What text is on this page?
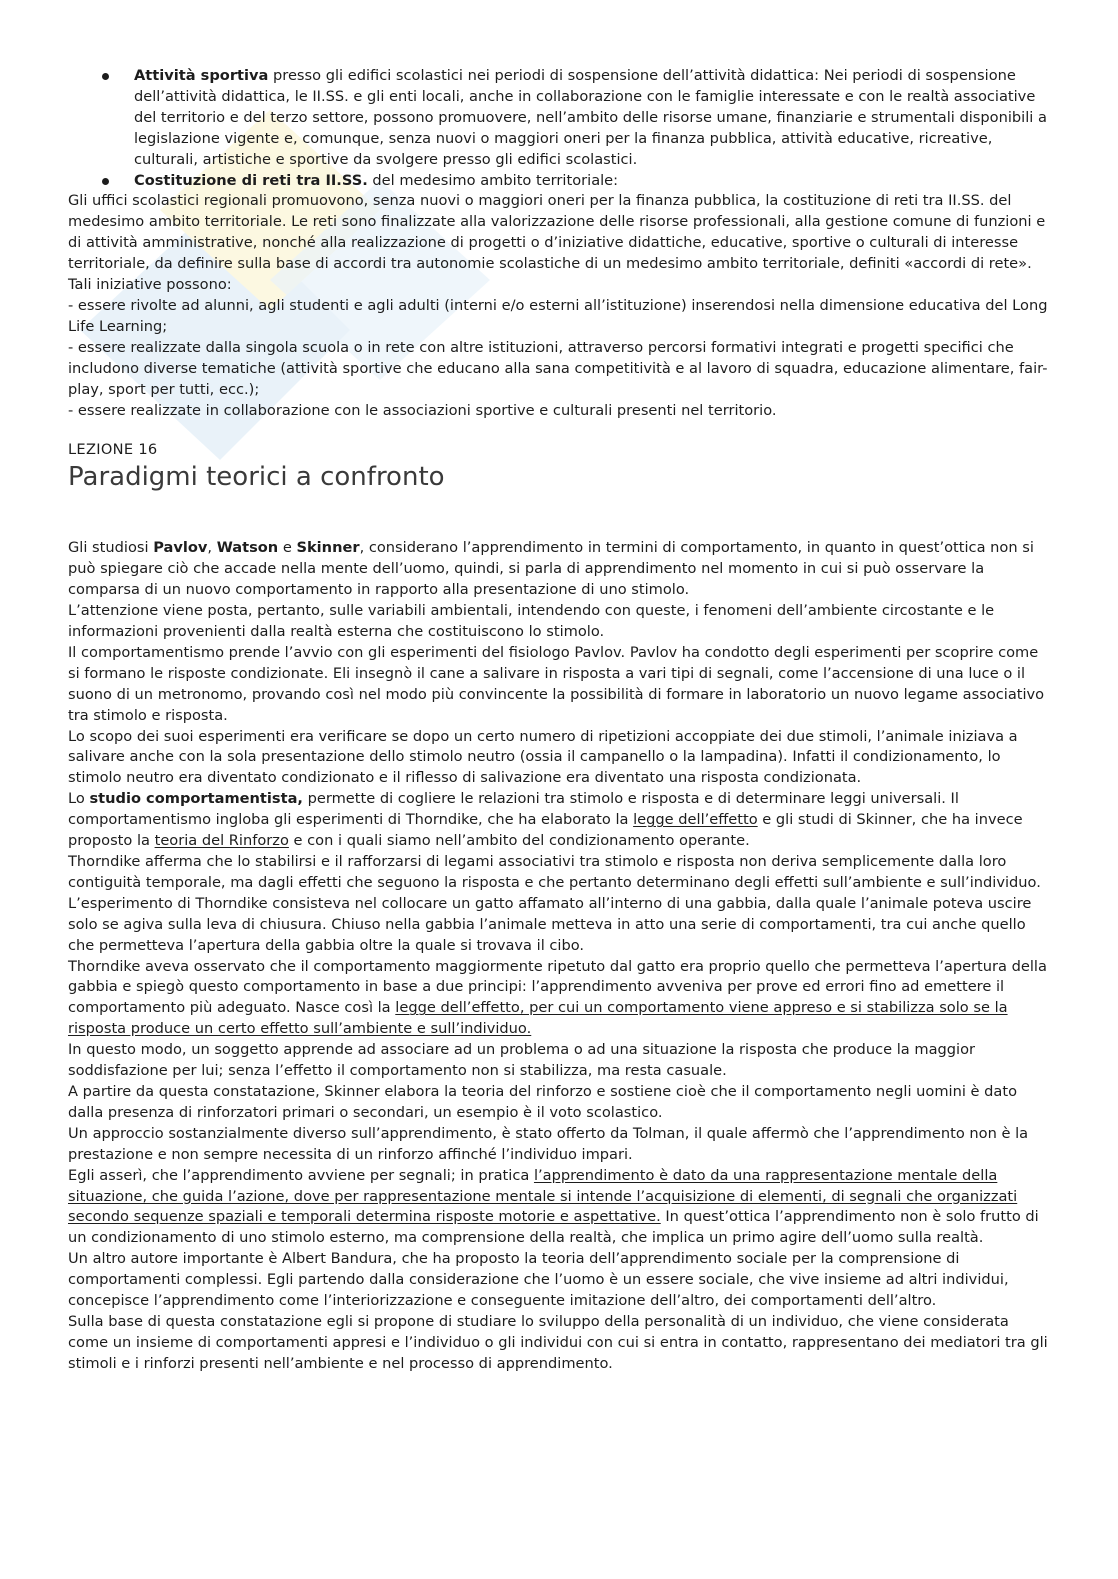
Attività sportiva presso gli edifici scolastici nei periodi di sospensione dell’attività didattica: Nei periodi di sospensione dell’attività didattica, le II.SS. e gli enti locali, anche in collaborazione con le famiglie interessate e con le realtà associative del territorio e del terzo settore, possono promuovere, nell’ambito delle risorse umane, finanziarie e strumentali disponibili a legislazione vigente e, comunque, senza nuovi o maggiori oneri per la finanza pubblica, attività educative, ricreative, culturali, artistiche e sportive da svolgere presso gli edifici scolastici.
Costituzione di reti tra II.SS. del medesimo ambito territoriale:

Gli uffici scolastici regionali promuovono, senza nuovi o maggiori oneri per la finanza pubblica, la costituzione di reti tra II.SS. del medesimo ambito territoriale. Le reti sono finalizzate alla valorizzazione delle risorse professionali, alla gestione comune di funzioni e di attività amministrative, nonché alla realizzazione di progetti o d’iniziative didattiche, educative, sportive o culturali di interesse territoriale, da definire sulla base di accordi tra autonomie scolastiche di un medesimo ambito territoriale, definiti «accordi di rete».

Tali iniziative possono:

- essere rivolte ad alunni, agli studenti e agli adulti (interni e/o esterni all’istituzione) inserendosi nella dimensione educativa del Long Life Learning;

- essere realizzate dalla singola scuola o in rete con altre istituzioni, attraverso percorsi formativi integrati e progetti specifici che includono diverse tematiche (attività sportive che educano alla sana competitività e al lavoro di squadra, educazione alimentare, fair-play, sport per tutti, ecc.);

- essere realizzate in collaborazione con le associazioni sportive e culturali presenti nel territorio.

LEZIONE 16
Paradigmi teorici a confronto

Gli studiosi Pavlov, Watson e Skinner, considerano l’apprendimento in termini di comportamento, in quanto in quest’ottica non si può spiegare ciò che accade nella mente dell’uomo, quindi, si parla di apprendimento nel momento in cui si può osservare la comparsa di un nuovo comportamento in rapporto alla presentazione di uno stimolo.

L’attenzione viene posta, pertanto, sulle variabili ambientali, intendendo con queste, i fenomeni dell’ambiente circostante e le informazioni provenienti dalla realtà esterna che costituiscono lo stimolo.

Il comportamentismo prende l’avvio con gli esperimenti del fisiologo Pavlov. Pavlov ha condotto degli esperimenti per scoprire come si formano le risposte condizionate. Eli insegnò il cane a salivare in risposta a vari tipi di segnali, come l’accensione di una luce o il suono di un metronomo, provando così nel modo più convincente la possibilità di formare in laboratorio un nuovo legame associativo tra stimolo e risposta.

Lo scopo dei suoi esperimenti era verificare se dopo un certo numero di ripetizioni accoppiate dei due stimoli, l’animale iniziava a salivare anche con la sola presentazione dello stimolo neutro (ossia il campanello o la lampadina). Infatti il condizionamento, lo stimolo neutro era diventato condizionato e il riflesso di salivazione era diventato una risposta condizionata.

Lo studio comportamentista, permette di cogliere le relazioni tra stimolo e risposta e di determinare leggi universali. Il comportamentismo ingloba gli esperimenti di Thorndike, che ha elaborato la legge dell’effetto e gli studi di Skinner, che ha invece proposto la teoria del Rinforzo e con i quali siamo nell’ambito del condizionamento operante.

Thorndike afferma che lo stabilirsi e il rafforzarsi di legami associativi tra stimolo e risposta non deriva semplicemente dalla loro contiguità temporale, ma dagli effetti che seguono la risposta e che pertanto determinano degli effetti sull’ambiente e sull’individuo.

L’esperimento di Thorndike consisteva nel collocare un gatto affamato all’interno di una gabbia, dalla quale l’animale poteva uscire solo se agiva sulla leva di chiusura. Chiuso nella gabbia l’animale metteva in atto una serie di comportamenti, tra cui anche quello che permetteva l’apertura della gabbia oltre la quale si trovava il cibo.

Thorndike aveva osservato che il comportamento maggiormente ripetuto dal gatto era proprio quello che permetteva l’apertura della gabbia e spiegò questo comportamento in base a due principi: l’apprendimento avveniva per prove ed errori fino ad emettere il comportamento più adeguato. Nasce così la legge dell’effetto, per cui un comportamento viene appreso e si stabilizza solo se la risposta produce un certo effetto sull’ambiente e sull’individuo.

In questo modo, un soggetto apprende ad associare ad un problema o ad una situazione la risposta che produce la maggior soddisfazione per lui; senza l’effetto il comportamento non si stabilizza, ma resta casuale.

A partire da questa constatazione, Skinner elabora la teoria del rinforzo e sostiene cioè che il comportamento negli uomini è dato dalla presenza di rinforzatori primari o secondari, un esempio è il voto scolastico.

Un approccio sostanzialmente diverso sull’apprendimento, è stato offerto da Tolman, il quale affermò che l’apprendimento non è la prestazione e non sempre necessita di un rinforzo affinché l’individuo impari.

Egli asserì, che l’apprendimento avviene per segnali; in pratica l’apprendimento è dato da una rappresentazione mentale della situazione, che guida l’azione, dove per rappresentazione mentale si intende l’acquisizione di elementi, di segnali che organizzati secondo sequenze spaziali e temporali determina risposte motorie e aspettative. In quest’ottica l’apprendimento non è solo frutto di un condizionamento di uno stimolo esterno, ma comprensione della realtà, che implica un primo agire dell’uomo sulla realtà.

Un altro autore importante è Albert Bandura, che ha proposto la teoria dell’apprendimento sociale per la comprensione di comportamenti complessi. Egli partendo dalla considerazione che l’uomo è un essere sociale, che vive insieme ad altri individui, concepisce l’apprendimento come l’interiorizzazione e conseguente imitazione dell’altro, dei comportamenti dell’altro.

Sulla base di questa constatazione egli si propone di studiare lo sviluppo della personalità di un individuo, che viene considerata come un insieme di comportamenti appresi e l’individuo o gli individui con cui si entra in contatto, rappresentano dei mediatori tra gli stimoli e i rinforzi presenti nell’ambiente e nel processo di apprendimento.
